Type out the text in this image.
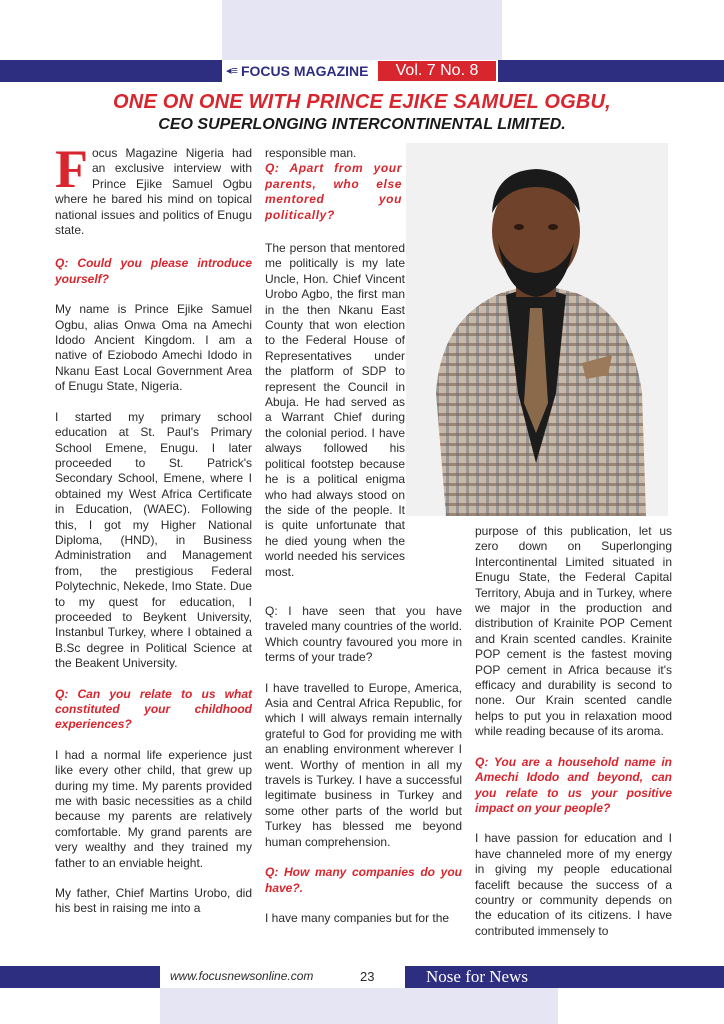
◂≡ FOCUS MAGAZINE	Vol. 7 No. 8
ONE ON ONE WITH PRINCE EJIKE SAMUEL OGBU,
CEO SUPERLONGING INTERCONTINENTAL LIMITED.

Focus Magazine Nigeria had an exclusive interview with Prince Ejike Samuel Ogbu where he bared his mind on topical national issues and politics of Enugu state.

Q: Could you please introduce yourself?

My name is Prince Ejike Samuel Ogbu, alias Onwa Oma na Amechi Idodo Ancient Kingdom. I am a native of Eziobodo Amechi Idodo in Nkanu East Local Government Area of Enugu State, Nigeria.

I started my primary school education at St. Paul's Primary School Emene, Enugu. I later proceeded to St. Patrick's Secondary School, Emene, where I obtained my West Africa Certificate in Education, (WAEC). Following this, I got my Higher National Diploma, (HND), in Business Administration and Management from, the prestigious Federal Polytechnic, Nekede, Imo State. Due to my quest for education, I proceeded to Beykent University, Instanbul Turkey, where I obtained a B.Sc degree in Political Science at the Beakent University.

Q: Can you relate to us what constituted your childhood experiences?

I had a normal life experience just like every other child, that grew up during my time. My parents provided me with basic necessities as a child because my parents are relatively comfortable. My grand parents are very wealthy and they trained my father to an enviable height.

My father, Chief Martins Urobo, did his best in raising me into a

responsible man.

Q: Apart from your parents, who else mentored you politically?

The person that mentored me politically is my late Uncle, Hon. Chief Vincent Urobo Agbo, the first man in the then Nkanu East County that won election to the Federal House of Representatives under the platform of SDP to represent the Council in Abuja. He had served as a Warrant Chief during the colonial period. I have always followed his political footstep because he is a political enigma who had always stood on the side of the people. It is quite unfortunate that he died young when the world needed his services most.

Q: I have seen that you have traveled many countries of the world. Which country favoured you more in terms of your trade?

I have travelled to Europe, America, Asia and Central Africa Republic, for which I will always remain internally grateful to God for providing me with an enabling environment wherever I went. Worthy of mention in all my travels is Turkey. I have a successful legitimate business in Turkey and some other parts of the world but Turkey has blessed me beyond human comprehension.

Q: How many companies do you have?.

I have many companies but for the

purpose of this publication, let us zero down on Superlonging Intercontinental Limited situated in Enugu State, the Federal Capital Territory, Abuja and in Turkey, where we major in the production and distribution of Krainite POP Cement and Krain scented candles. Krainite POP cement is the fastest moving POP cement in Africa because it's efficacy and durability is second to none. Our Krain scented candle helps to put you in relaxation mood while reading because of its aroma.

Q: You are a household name in Amechi Idodo and beyond, can you relate to us your positive impact on your people?

I have passion for education and I have channeled more of my energy in giving my people educational facelift because the success of a country or community depends on the education of its citizens. I have contributed immensely to

www.focusnewsonline.com	23	Nose for News
